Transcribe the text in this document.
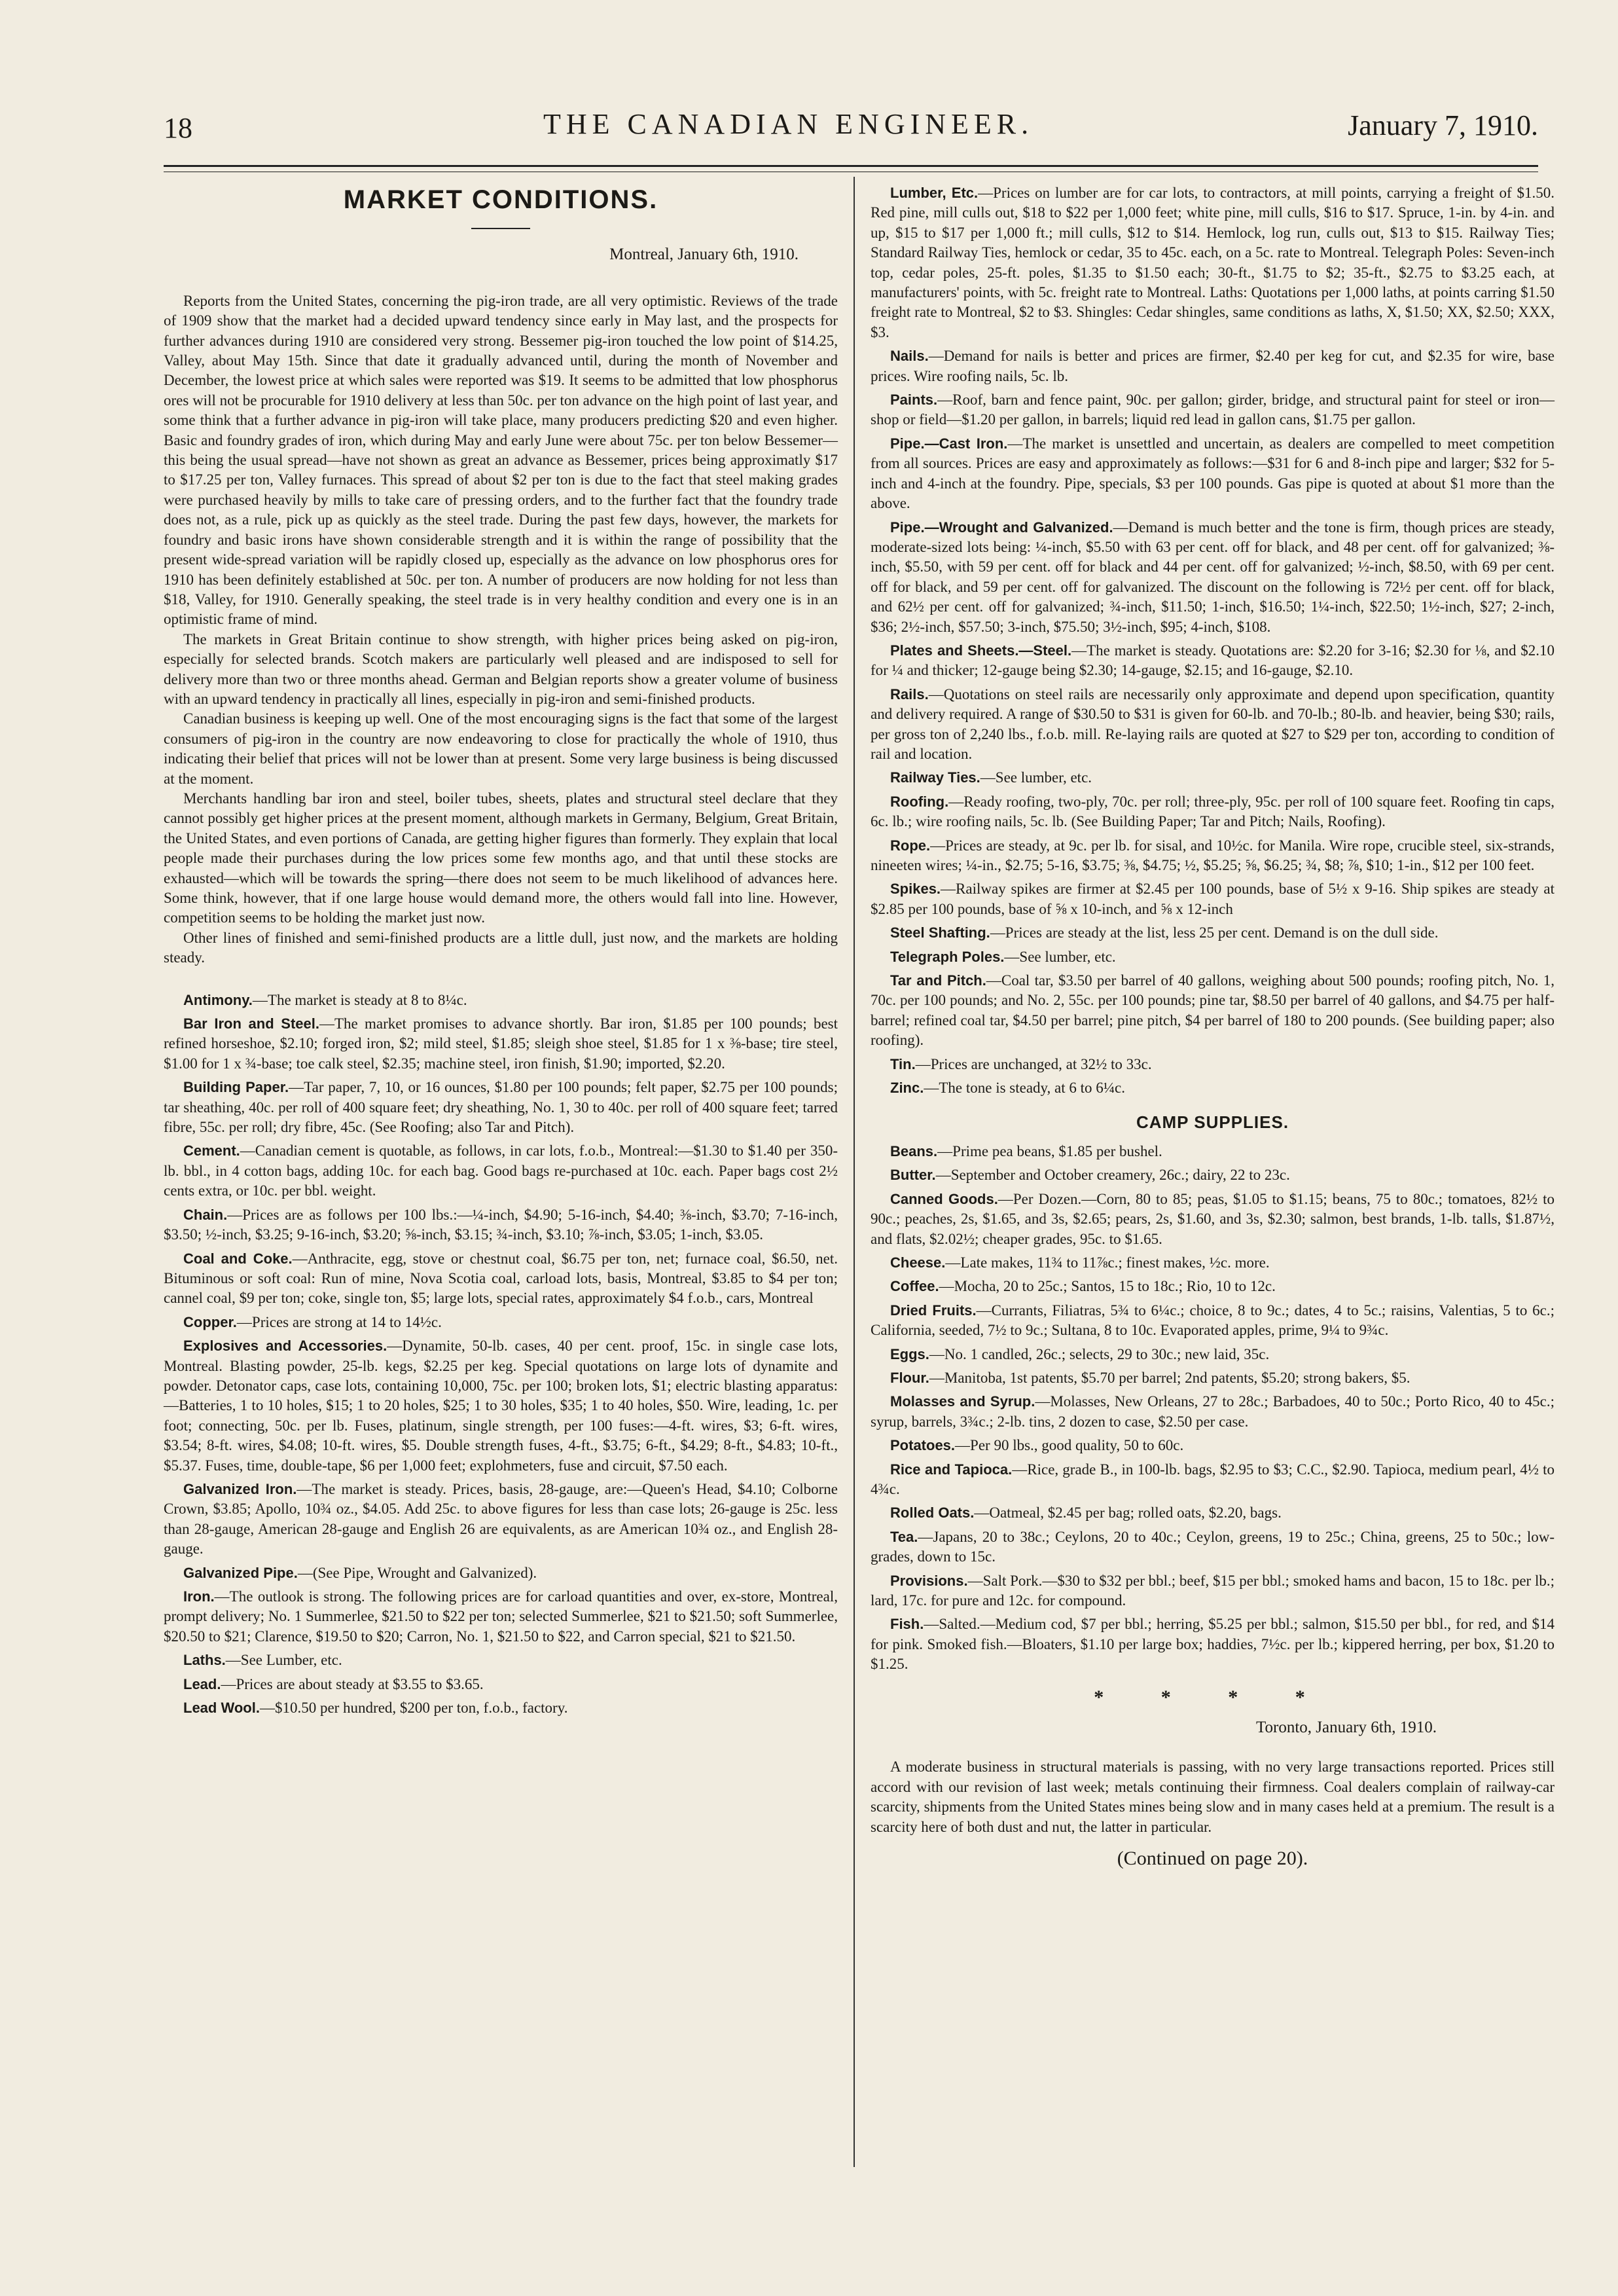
18	THE CANADIAN ENGINEER.	January 7, 1910.
MARKET CONDITIONS.
Montreal, January 6th, 1910.

Reports from the United States, concerning the pig-iron trade, are all very optimistic. Reviews of the trade of 1909 show that the market had a decided upward tendency since early in May last, and the prospects for further advances during 1910 are considered very strong. Bessemer pig-iron touched the low point of $14.25, Valley, about May 15th. Since that date it gradually advanced until, during the month of November and December, the lowest price at which sales were reported was $19. It seems to be admitted that low phosphorus ores will not be procurable for 1910 delivery at less than 50c. per ton advance on the high point of last year, and some think that a further advance in pig-iron will take place, many producers predicting $20 and even higher. Basic and foundry grades of iron, which during May and early June were about 75c. per ton below Bessemer—this being the usual spread—have not shown as great an advance as Bessemer, prices being approximatly $17 to $17.25 per ton, Valley furnaces. This spread of about $2 per ton is due to the fact that steel making grades were purchased heavily by mills to take care of pressing orders, and to the further fact that the foundry trade does not, as a rule, pick up as quickly as the steel trade. During the past few days, however, the markets for foundry and basic irons have shown considerable strength and it is within the range of possibility that the present wide-spread variation will be rapidly closed up, especially as the advance on low phosphorus ores for 1910 has been definitely established at 50c. per ton. A number of producers are now holding for not less than $18, Valley, for 1910. Generally speaking, the steel trade is in very healthy condition and every one is in an optimistic frame of mind.

The markets in Great Britain continue to show strength, with higher prices being asked on pig-iron, especially for selected brands. Scotch makers are particularly well pleased and are indisposed to sell for delivery more than two or three months ahead. German and Belgian reports show a greater volume of business with an upward tendency in practically all lines, especially in pig-iron and semi-finished products.

Canadian business is keeping up well. One of the most encouraging signs is the fact that some of the largest consumers of pig-iron in the country are now endeavoring to close for practically the whole of 1910, thus indicating their belief that prices will not be lower than at present. Some very large business is being discussed at the moment.

Merchants handling bar iron and steel, boiler tubes, sheets, plates and structural steel declare that they cannot possibly get higher prices at the present moment, although markets in Germany, Belgium, Great Britain, the United States, and even portions of Canada, are getting higher figures than formerly. They explain that local people made their purchases during the low prices some few months ago, and that until these stocks are exhausted—which will be towards the spring—there does not seem to be much likelihood of advances here. Some think, however, that if one large house would demand more, the others would fall into line. However, competition seems to be holding the market just now.

Other lines of finished and semi-finished products are a little dull, just now, and the markets are holding steady.

Antimony.—The market is steady at 8 to 8¼c.
Bar Iron and Steel.—The market promises to advance shortly. Bar iron, $1.85 per 100 pounds; best refined horseshoe, $2.10; forged iron, $2; mild steel, $1.85; sleigh shoe steel, $1.85 for 1 x ⅜-base; tire steel, $1.00 for 1 x ¾-base; toe calk steel, $2.35; machine steel, iron finish, $1.90; imported, $2.20.
Building Paper.—Tar paper, 7, 10, or 16 ounces, $1.80 per 100 pounds; felt paper, $2.75 per 100 pounds; tar sheathing, 40c. per roll of 400 square feet; dry sheathing, No. 1, 30 to 40c. per roll of 400 square feet; tarred fibre, 55c. per roll; dry fibre, 45c. (See Roofing; also Tar and Pitch).
Cement.—Canadian cement is quotable, as follows, in car lots, f.o.b., Montreal:—$1.30 to $1.40 per 350-lb. bbl., in 4 cotton bags, adding 10c. for each bag. Good bags re-purchased at 10c. each. Paper bags cost 2½ cents extra, or 10c. per bbl. weight.
Chain.—Prices are as follows per 100 lbs.:—¼-inch, $4.90; 5-16-inch, $4.40; ⅜-inch, $3.70; 7-16-inch, $3.50; ½-inch, $3.25; 9-16-inch, $3.20; ⅝-inch, $3.15; ¾-inch, $3.10; ⅞-inch, $3.05; 1-inch, $3.05.
Coal and Coke.—Anthracite, egg, stove or chestnut coal, $6.75 per ton, net; furnace coal, $6.50, net. Bituminous or soft coal: Run of mine, Nova Scotia coal, carload lots, basis, Montreal, $3.85 to $4 per ton; cannel coal, $9 per ton; coke, single ton, $5; large lots, special rates, approximately $4 f.o.b., cars, Montreal
Copper.—Prices are strong at 14 to 14½c.
Explosives and Accessories.—Dynamite, 50-lb. cases, 40 per cent. proof, 15c. in single case lots, Montreal. Blasting powder, 25-lb. kegs, $2.25 per keg. Special quotations on large lots of dynamite and powder. Detonator caps, case lots, containing 10,000, 75c. per 100; broken lots, $1; electric blasting apparatus:—Batteries, 1 to 10 holes, $15; 1 to 20 holes, $25; 1 to 30 holes, $35; 1 to 40 holes, $50. Wire, leading, 1c. per foot; connecting, 50c. per lb. Fuses, platinum, single strength, per 100 fuses:—4-ft. wires, $3; 6-ft. wires, $3.54; 8-ft. wires, $4.08; 10-ft. wires, $5. Double strength fuses, 4-ft., $3.75; 6-ft., $4.29; 8-ft., $4.83; 10-ft., $5.37. Fuses, time, double-tape, $6 per 1,000 feet; explohmeters, fuse and circuit, $7.50 each.
Galvanized Iron.—The market is steady. Prices, basis, 28-gauge, are:—Queen's Head, $4.10; Colborne Crown, $3.85; Apollo, 10¾ oz., $4.05. Add 25c. to above figures for less than case lots; 26-gauge is 25c. less than 28-gauge, American 28-gauge and English 26 are equivalents, as are American 10¾ oz., and English 28-gauge.
Galvanized Pipe.—(See Pipe, Wrought and Galvanized).
Iron.—The outlook is strong. The following prices are for carload quantities and over, ex-store, Montreal, prompt delivery; No. 1 Summerlee, $21.50 to $22 per ton; selected Summerlee, $21 to $21.50; soft Summerlee, $20.50 to $21; Clarence, $19.50 to $20; Carron, No. 1, $21.50 to $22, and Carron special, $21 to $21.50.
Laths.—See Lumber, etc.
Lead.—Prices are about steady at $3.55 to $3.65.
Lead Wool.—$10.50 per hundred, $200 per ton, f.o.b., factory.
Lumber, Etc.—Prices on lumber are for car lots, to contractors, at mill points, carrying a freight of $1.50. Red pine, mill culls out, $18 to $22 per 1,000 feet; white pine, mill culls, $16 to $17. Spruce, 1-in. by 4-in. and up, $15 to $17 per 1,000 ft.; mill culls, $12 to $14. Hemlock, log run, culls out, $13 to $15. Railway Ties; Standard Railway Ties, hemlock or cedar, 35 to 45c. each, on a 5c. rate to Montreal. Telegraph Poles: Seven-inch top, cedar poles, 25-ft. poles, $1.35 to $1.50 each; 30-ft., $1.75 to $2; 35-ft., $2.75 to $3.25 each, at manufacturers' points, with 5c. freight rate to Montreal. Laths: Quotations per 1,000 laths, at points carring $1.50 freight rate to Montreal, $2 to $3. Shingles: Cedar shingles, same conditions as laths, X, $1.50; XX, $2.50; XXX, $3.
Nails.—Demand for nails is better and prices are firmer, $2.40 per keg for cut, and $2.35 for wire, base prices. Wire roofing nails, 5c. lb.
Paints.—Roof, barn and fence paint, 90c. per gallon; girder, bridge, and structural paint for steel or iron—shop or field—$1.20 per gallon, in barrels; liquid red lead in gallon cans, $1.75 per gallon.
Pipe.—Cast Iron.—The market is unsettled and uncertain, as dealers are compelled to meet competition from all sources. Prices are easy and approximately as follows:—$31 for 6 and 8-inch pipe and larger; $32 for 5-inch and 4-inch at the foundry. Pipe, specials, $3 per 100 pounds. Gas pipe is quoted at about $1 more than the above.
Pipe.—Wrought and Galvanized.—Demand is much better and the tone is firm, though prices are steady, moderate-sized lots being: ¼-inch, $5.50 with 63 per cent. off for black, and 48 per cent. off for galvanized; ⅜-inch, $5.50, with 59 per cent. off for black and 44 per cent. off for galvanized; ½-inch, $8.50, with 69 per cent. off for black, and 59 per cent. off for galvanized. The discount on the following is 72½ per cent. off for black, and 62½ per cent. off for galvanized; ¾-inch, $11.50; 1-inch, $16.50; 1¼-inch, $22.50; 1½-inch, $27; 2-inch, $36; 2½-inch, $57.50; 3-inch, $75.50; 3½-inch, $95; 4-inch, $108.
Plates and Sheets.—Steel.—The market is steady. Quotations are: $2.20 for 3-16; $2.30 for ⅛, and $2.10 for ¼ and thicker; 12-gauge being $2.30; 14-gauge, $2.15; and 16-gauge, $2.10.
Rails.—Quotations on steel rails are necessarily only approximate and depend upon specification, quantity and delivery required. A range of $30.50 to $31 is given for 60-lb. and 70-lb.; 80-lb. and heavier, being $30; rails, per gross ton of 2,240 lbs., f.o.b. mill. Re-laying rails are quoted at $27 to $29 per ton, according to condition of rail and location.
Railway Ties.—See lumber, etc.
Roofing.—Ready roofing, two-ply, 70c. per roll; three-ply, 95c. per roll of 100 square feet. Roofing tin caps, 6c. lb.; wire roofing nails, 5c. lb. (See Building Paper; Tar and Pitch; Nails, Roofing).
Rope.—Prices are steady, at 9c. per lb. for sisal, and 10½c. for Manila. Wire rope, crucible steel, six-strands, nineeten wires; ¼-in., $2.75; 5-16, $3.75; ⅜, $4.75; ½, $5.25; ⅝, $6.25; ¾, $8; ⅞, $10; 1-in., $12 per 100 feet.
Spikes.—Railway spikes are firmer at $2.45 per 100 pounds, base of 5½ x 9-16. Ship spikes are steady at $2.85 per 100 pounds, base of ⅝ x 10-inch, and ⅝ x 12-inch
Steel Shafting.—Prices are steady at the list, less 25 per cent. Demand is on the dull side.
Telegraph Poles.—See lumber, etc.
Tar and Pitch.—Coal tar, $3.50 per barrel of 40 gallons, weighing about 500 pounds; roofing pitch, No. 1, 70c. per 100 pounds; and No. 2, 55c. per 100 pounds; pine tar, $8.50 per barrel of 40 gallons, and $4.75 per half-barrel; refined coal tar, $4.50 per barrel; pine pitch, $4 per barrel of 180 to 200 pounds. (See building paper; also roofing).
Tin.—Prices are unchanged, at 32½ to 33c.
Zinc.—The tone is steady, at 6 to 6¼c.
CAMP SUPPLIES.
Beans.—Prime pea beans, $1.85 per bushel.
Butter.—September and October creamery, 26c.; dairy, 22 to 23c.
Canned Goods.—Per Dozen.—Corn, 80 to 85; peas, $1.05 to $1.15; beans, 75 to 80c.; tomatoes, 82½ to 90c.; peaches, 2s, $1.65, and 3s, $2.65; pears, 2s, $1.60, and 3s, $2.30; salmon, best brands, 1-lb. talls, $1.87½, and flats, $2.02½; cheaper grades, 95c. to $1.65.
Cheese.—Late makes, 11¾ to 11⅞c.; finest makes, ½c. more.
Coffee.—Mocha, 20 to 25c.; Santos, 15 to 18c.; Rio, 10 to 12c.
Dried Fruits.—Currants, Filiatras, 5¾ to 6¼c.; choice, 8 to 9c.; dates, 4 to 5c.; raisins, Valentias, 5 to 6c.; California, seeded, 7½ to 9c.; Sultana, 8 to 10c. Evaporated apples, prime, 9¼ to 9¾c.
Eggs.—No. 1 candled, 26c.; selects, 29 to 30c.; new laid, 35c.
Flour.—Manitoba, 1st patents, $5.70 per barrel; 2nd patents, $5.20; strong bakers, $5.
Molasses and Syrup.—Molasses, New Orleans, 27 to 28c.; Barbadoes, 40 to 50c.; Porto Rico, 40 to 45c.; syrup, barrels, 3¾c.; 2-lb. tins, 2 dozen to case, $2.50 per case.
Potatoes.—Per 90 lbs., good quality, 50 to 60c.
Rice and Tapioca.—Rice, grade B., in 100-lb. bags, $2.95 to $3; C.C., $2.90. Tapioca, medium pearl, 4½ to 4¾c.
Rolled Oats.—Oatmeal, $2.45 per bag; rolled oats, $2.20, bags.
Tea.—Japans, 20 to 38c.; Ceylons, 20 to 40c.; Ceylon, greens, 19 to 25c.; China, greens, 25 to 50c.; low-grades, down to 15c.
Provisions.—Salt Pork.—$30 to $32 per bbl.; beef, $15 per bbl.; smoked hams and bacon, 15 to 18c. per lb.; lard, 17c. for pure and 12c. for compound.
Fish.—Salted.—Medium cod, $7 per bbl.; herring, $5.25 per bbl.; salmon, $15.50 per bbl., for red, and $14 for pink. Smoked fish.—Bloaters, $1.10 per large box; haddies, 7½c. per lb.; kippered herring, per box, $1.20 to $1.25.
* * * *
Toronto, January 6th, 1910.

A moderate business in structural materials is passing, with no very large transactions reported. Prices still accord with our revision of last week; metals continuing their firmness. Coal dealers complain of railway-car scarcity, shipments from the United States mines being slow and in many cases held at a premium. The result is a scarcity here of both dust and nut, the latter in particular.

(Continued on page 20).
